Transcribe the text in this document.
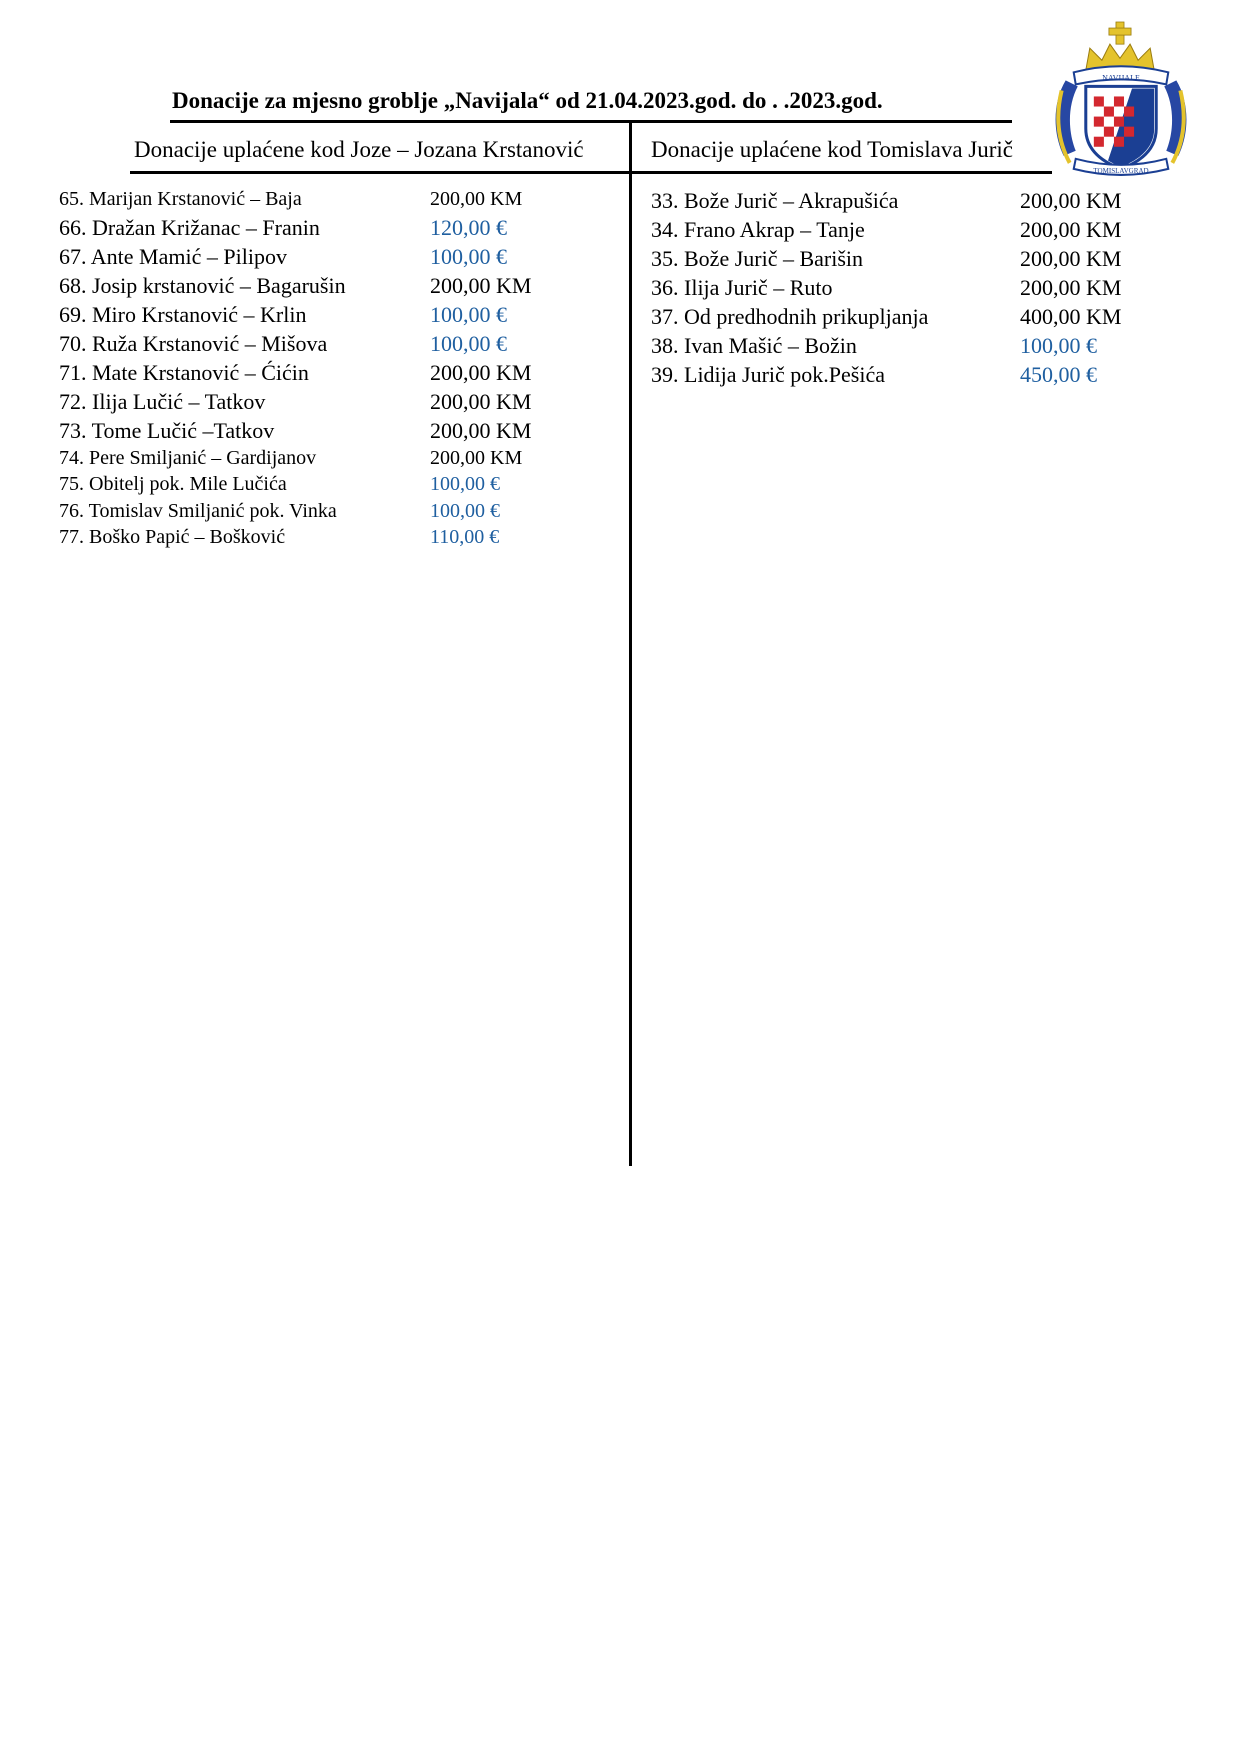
NAVIJALE
TOMISLAVGRAD
Donacije za mjesno groblje „Navijala“ od 21.04.2023.god. do . .2023.god.
Donacije uplaćene kod Joze – Jozana Krstanović	Donacije uplaćene kod Tomislava Jurič
65. Marijan Krstanović – Baja	200,00 KM
66. Dražan Križanac – Franin	120,00 €
67. Ante Mamić – Pilipov	100,00 €
68. Josip krstanović – Bagarušin	200,00 KM
69. Miro Krstanović – Krlin	100,00 €
70. Ruža Krstanović – Mišova	100,00 €
71. Mate Krstanović – Ćićin	200,00 KM
72. Ilija Lučić – Tatkov	200,00 KM
73. Tome Lučić –Tatkov	200,00 KM
74. Pere Smiljanić – Gardijanov	200,00 KM
75. Obitelj pok. Mile Lučića	100,00 €
76. Tomislav Smiljanić pok. Vinka	100,00 €
77. Boško Papić – Bošković	110,00 €
33. Bože Jurič – Akrapušića	200,00 KM
34. Frano Akrap – Tanje	200,00 KM
35. Bože Jurič – Barišin	200,00 KM
36. Ilija Jurič – Ruto	200,00 KM
37. Od predhodnih prikupljanja	400,00 KM
38. Ivan Mašić – Božin	100,00 €
39. Lidija Jurič pok.Pešića	450,00 €
